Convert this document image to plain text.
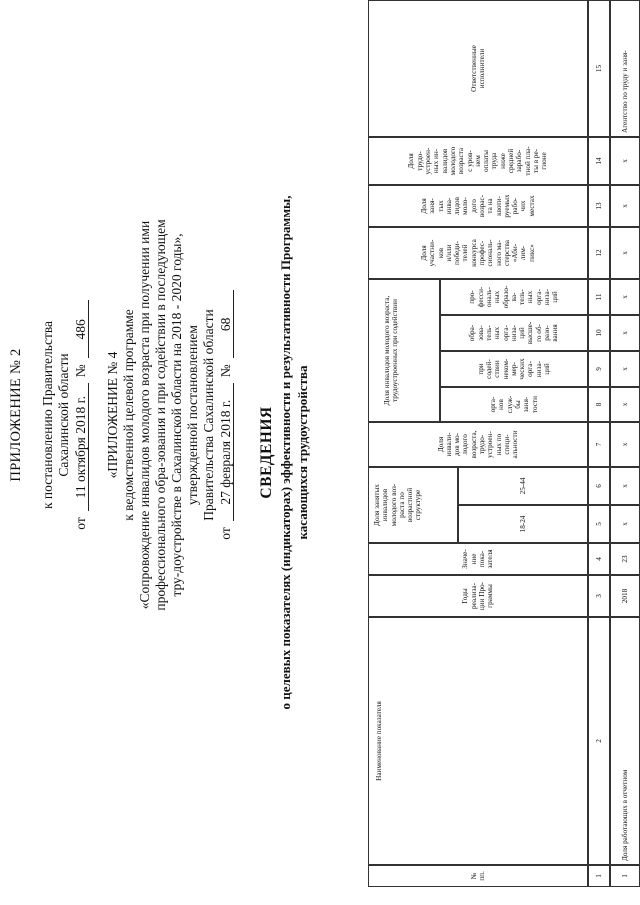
ПРИЛОЖЕНИЕ № 2 к постановлению Правительства Сахалинской области
от
11 октября 2018 г.
№
486
«ПРИЛОЖЕНИЕ № 4 к ведомственной целевой программе «Сопровождение инвалидов молодого возраста при получении ими профессионального обра-зования и при содействии в последующем тру-доустройстве в Сахалинской области на 2018 - 2020 годы», утвержденной постановлением Правительства Сахалинской области
от
27 февраля 2018 г.
№
68
СВЕДЕНИЯ о целевых показателях (индикаторах) эффективности и результативности Программы, касающихся трудоустройства
№
пп.
Наименование показателя
Годы
реализа-
ции Про-
граммы
Значе-
ние
пока-
зателя
Доля занятых
инвалидов
молодого воз-
раста по
возрастной
структуре
18-24
25-44
Доля
инвали-
дов мо-
лодого
возраста,
трудо-
устроен-
ных по
специ-
альности
Доля инвалидов молодого возраста,
трудоустроенных при содействии
орга-
нов
служ-
бы
заня-
тости
при
содей-
ствии
неком-
мер-
ческих
орга-
низа-
ций
обра-
зова-
тель-
ных
орга-
низа-
ций
высше-
го об-
разо-
вания
про-
фесси-
ональ-
ных
образо-
ва-
тель-
ных
орга-
низа-
ций
Доля
участни-
ков
и/или
победи-
телей
конкурса
профес-
сиональ-
ного ма-
стерства
«Аби-
лим-
пикс»
Доля
заня-
тых
инва-
лидов
моло-
дого
возрас-
та на
квоти-
руемых
рабо-
чих
местах
Доля
трудо-
устроен-
ных ин-
валидов
молодого
возраста
с уров-
нем
оплаты
труда
ниже
средней
зарабо-
тной пла-
ты в ре-
гионе
Ответственные
исполнители
1
2
3
4
5
6
7
8
9
10
11
12
13
14
15
1
Доля работающих в отчетном
2018
23
x
x
x
x
x
x
x
x
x
x
Агентство по труду и заня-
